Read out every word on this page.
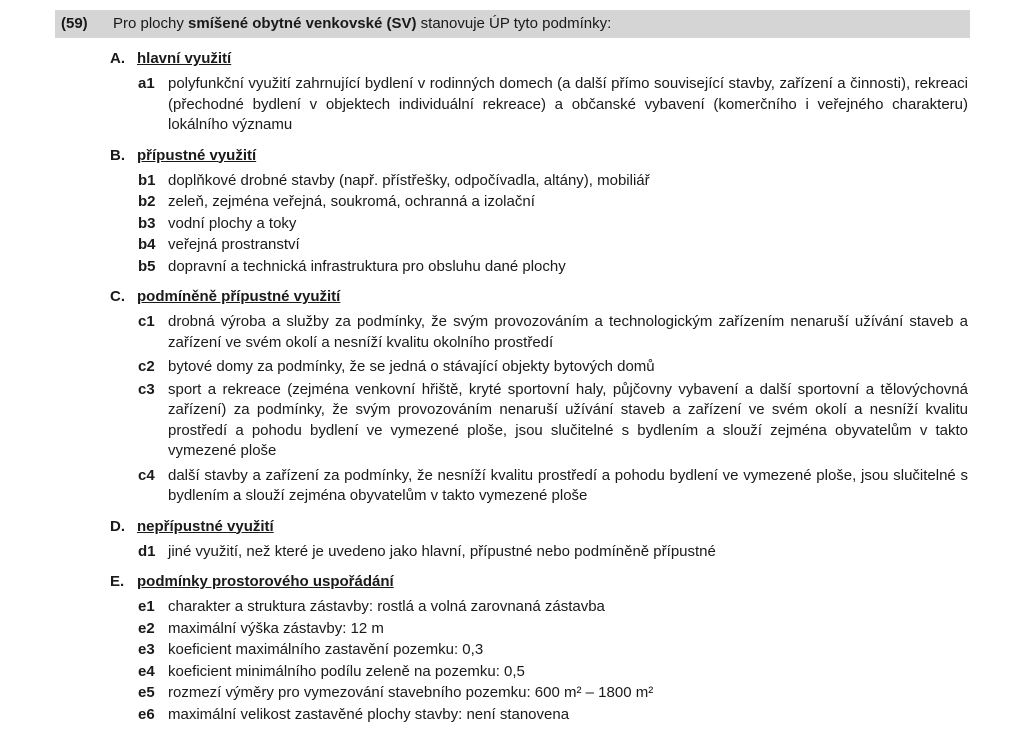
(59)	Pro plochy smíšené obytné venkovské (SV) stanovuje ÚP tyto podmínky:
A. hlavní využití
a1 polyfunkční využití zahrnující bydlení v rodinných domech (a další přímo související stavby, zařízení a činnosti), rekreaci (přechodné bydlení v objektech individuální rekreace) a občanské vybavení (komerčního i veřejného charakteru) lokálního významu
B. přípustné využití
b1 doplňkové drobné stavby (např. přístřešky, odpočívadla, altány), mobiliář
b2 zeleň, zejména veřejná, soukromá, ochranná a izolační
b3 vodní plochy a toky
b4 veřejná prostranství
b5 dopravní a technická infrastruktura pro obsluhu dané plochy
C. podmíněně přípustné využití
c1 drobná výroba a služby za podmínky, že svým provozováním a technologickým zařízením nenaruší užívání staveb a zařízení ve svém okolí a nesníží kvalitu okolního prostředí
c2 bytové domy za podmínky, že se jedná o stávající objekty bytových domů
c3 sport a rekreace (zejména venkovní hřiště, kryté sportovní haly, půjčovny vybavení a další sportovní a tělovýchovná zařízení) za podmínky, že svým provozováním nenaruší užívání staveb a zařízení ve svém okolí a nesníží kvalitu prostředí a pohodu bydlení ve vymezené ploše, jsou slučitelné s bydlením a slouží zejména obyvatelům v takto vymezené ploše
c4 další stavby a zařízení za podmínky, že nesníží kvalitu prostředí a pohodu bydlení ve vymezené ploše, jsou slučitelné s bydlením a slouží zejména obyvatelům v takto vymezené ploše
D. nepřípustné využití
d1 jiné využití, než které je uvedeno jako hlavní, přípustné nebo podmíněně přípustné
E. podmínky prostorového uspořádání
e1 charakter a struktura zástavby: rostlá a volná zarovnaná zástavba
e2 maximální výška zástavby: 12 m
e3 koeficient maximálního zastavění pozemku: 0,3
e4 koeficient minimálního podílu zeleně na pozemku: 0,5
e5 rozmezí výměry pro vymezování stavebního pozemku: 600 m² – 1800 m²
e6 maximální velikost zastavěné plochy stavby: není stanovena
